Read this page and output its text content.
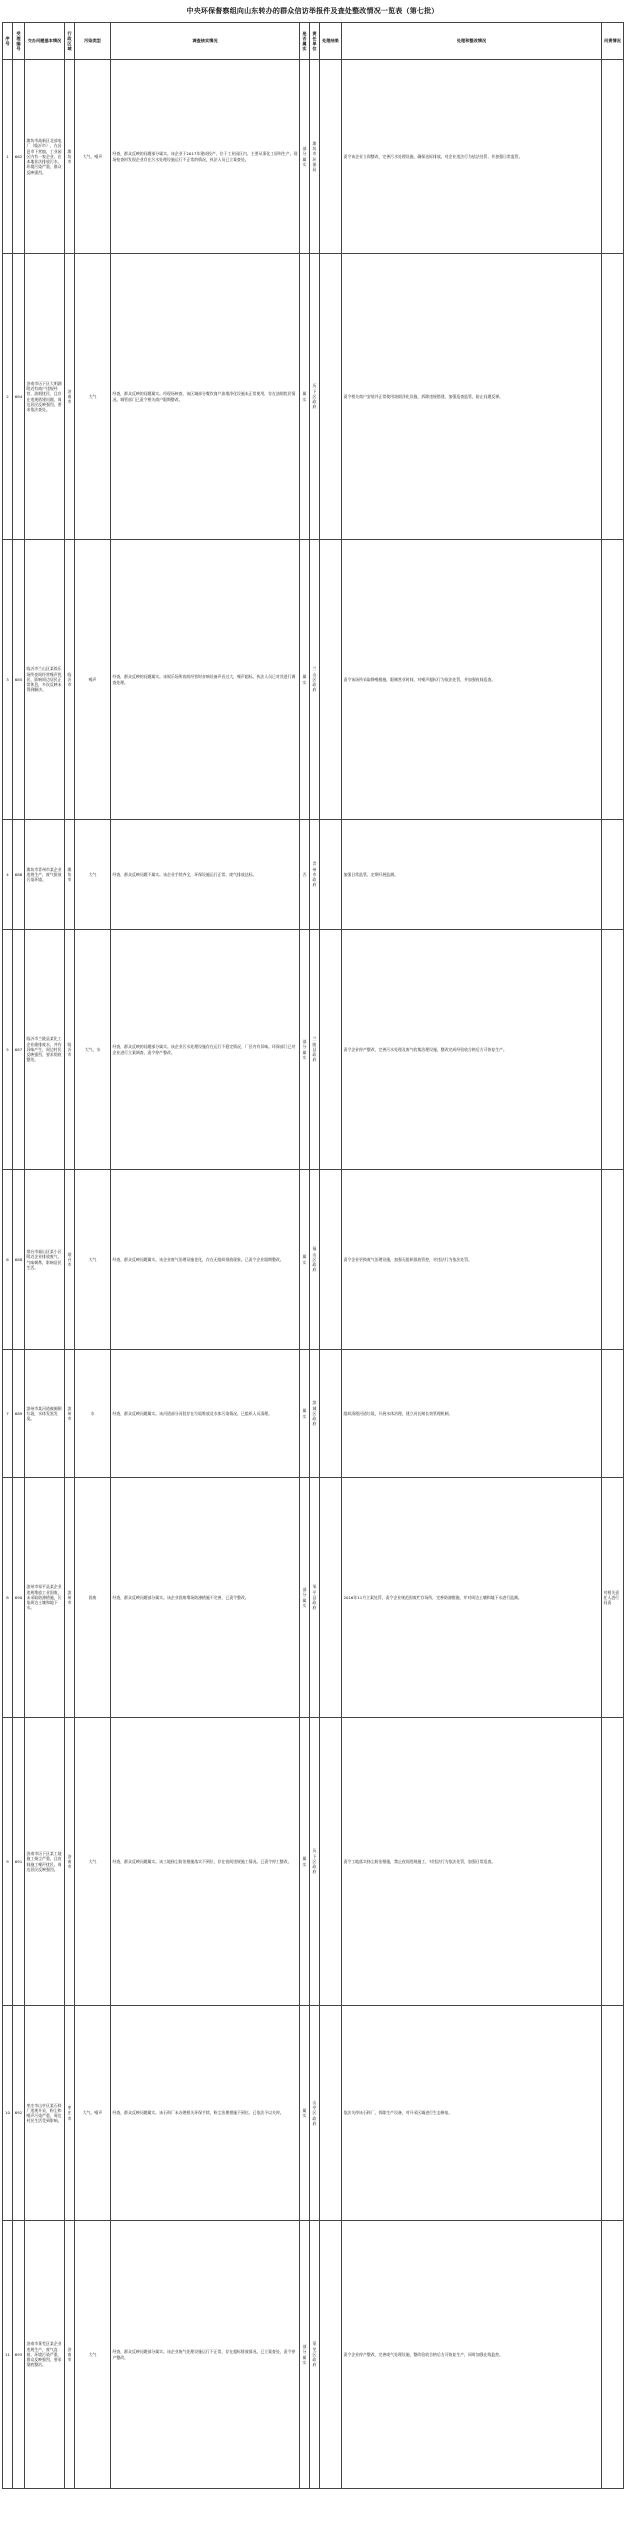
中央环保督察组向山东转办的群众信访举报件及查处整改情况一览表（第七批）
序号	受理编号	交办问题基本情况	行政区域	污染类型	调查核实情况	是否属实	责任单位	处理结果	处理和整改情况	问责情况
1	662	潍坊市高新区北部电厂（临沂市），在昌邑市下营镇，工业园区内有一家企业，在本地非法排放污水，环境污染严重，群众反映强烈。	潍坊市	大气、噪声	经查，群众反映的问题部分属实。该企业于2017年建成投产，位于工业园区内，主要从事化工原料生产。现场检查时发现企业存在污水处理设施运行不正常的情况，执法人员已立案查处。	部分属实	潍坊市环保局		责令该企业立即整改，完善污水处理设施，确保达标排放。对企业违法行为依法处罚，并加强日常监管。	
2	684	济南市历下区大明湖附近有商户违规经营，油烟扰民，且存在违规搭建问题，周边居民反映强烈，要求依法查处。	济南市	大气	经查，群众反映的问题属实。经现场核查，该区域部分餐饮商户油烟净化设施未正常使用，存在油烟扰民情况。城管部门已责令相关商户限期整改。	属实	历下区政府		责令相关商户安装并正常使用油烟净化设施，拆除违规搭建，加强巡查监管，防止问题反弹。	
3	685	临沂市兰山区某娱乐场所夜间经营噪声扰民，影响周边居民正常休息，多次反映未得到解决。	临沂市	噪声	经查，群众反映的问题属实。该娱乐场所夜间经营时音响设备声音过大，噪声超标。执法人员已对其进行调查处理。	属实	兰山区政府		责令该场所采取降噪措施，限制营业时间，对噪声超标行为依法处罚，并加强夜间巡查。	
4	686	潍坊市青州市某企业违规生产，废气排放污染环境。	潍坊市	大气	经查，群众反映问题不属实。该企业手续齐全，环保设施运行正常，废气排放达标。	否	青州市政府		加强日常监管，定期开展监测。	
5	687	临沂市兰陵县某化工企业偷排废水，并有异味产生，周边村民反映强烈，要求彻底整治。	临沂市	大气、水	经查，群众反映的问题部分属实。该企业污水处理设施存在运行不稳定情况，厂区内有异味。环保部门已对企业进行立案调查，责令停产整改。	部分属实	兰陵县政府		责令企业停产整改，完善污水处理及废气收集治理设施，整改完成经验收合格后方可恢复生产。	
6	688	烟台市福山区某小区附近企业排放废气，气味刺鼻，影响居民生活。	烟台市	大气	经查，群众反映问题属实。该企业废气治理设施老化，存在无组织排放现象。已责令企业限期整改。	属实	福山区政府		责令企业更换废气治理设施，加强无组织排放管控，对违法行为依法处罚。	
7	689	滨州市某河道被倾倒垃圾，水体发黑发臭。	滨州市	水	经查，群众反映问题属实。该河道部分河段存在垃圾堆放及水体污染情况。已组织人员清理。	属实	滨城区政府		组织清理河道垃圾，开展水体治理，建立河长制长效管理机制。	
8	690	滨州市邹平县某企业违规堆放工业固废，未采取防渗措施，污染周边土壤和地下水。	滨州市	固废	经查，群众反映问题部分属实。该企业固废堆场防渗措施不完善，已责令整改。	部分属实	邹平县政府		2016年11月立案处罚，责令企业规范固废贮存场所，完善防渗措施，并对周边土壤和地下水进行监测。	对相关责任人进行问责
9	691	济南市历下区某工地施工扬尘严重，且夜间施工噪声扰民，周边居民反映强烈。	济南市	大气	经查，群众反映问题属实。该工地扬尘防治措施落实不到位，存在夜间违规施工情况。已责令停工整改。	属实	历下区政府		责令工地落实扬尘防治措施，禁止夜间违规施工，对违法行为依法处罚，加强日常巡查。	
10	692	枣庄市山亭区某石料厂违规开采，粉尘和噪声污染严重，周边村民生活受到影响。	枣庄市	大气、噪声	经查，群众反映问题属实。该石料厂未办理相关环保手续，粉尘治理措施不到位。已依法予以关停。	属实	山亭区政府		依法关停该石料厂，拆除生产设备，对开采区域进行生态修复。	
11	693	济南市莱芜区某企业违规生产，废气直排，环境污染严重，群众反映强烈，要求彻底整治。	济南市	大气	经查，群众反映问题部分属实。该企业废气处理设施运行不正常，存在超标排放情况。已立案查处，责令停产整改。	部分属实	莱芜区政府		责令企业停产整改，完善废气处理设施，整改验收合格后方可恢复生产，同时加强在线监控。	
